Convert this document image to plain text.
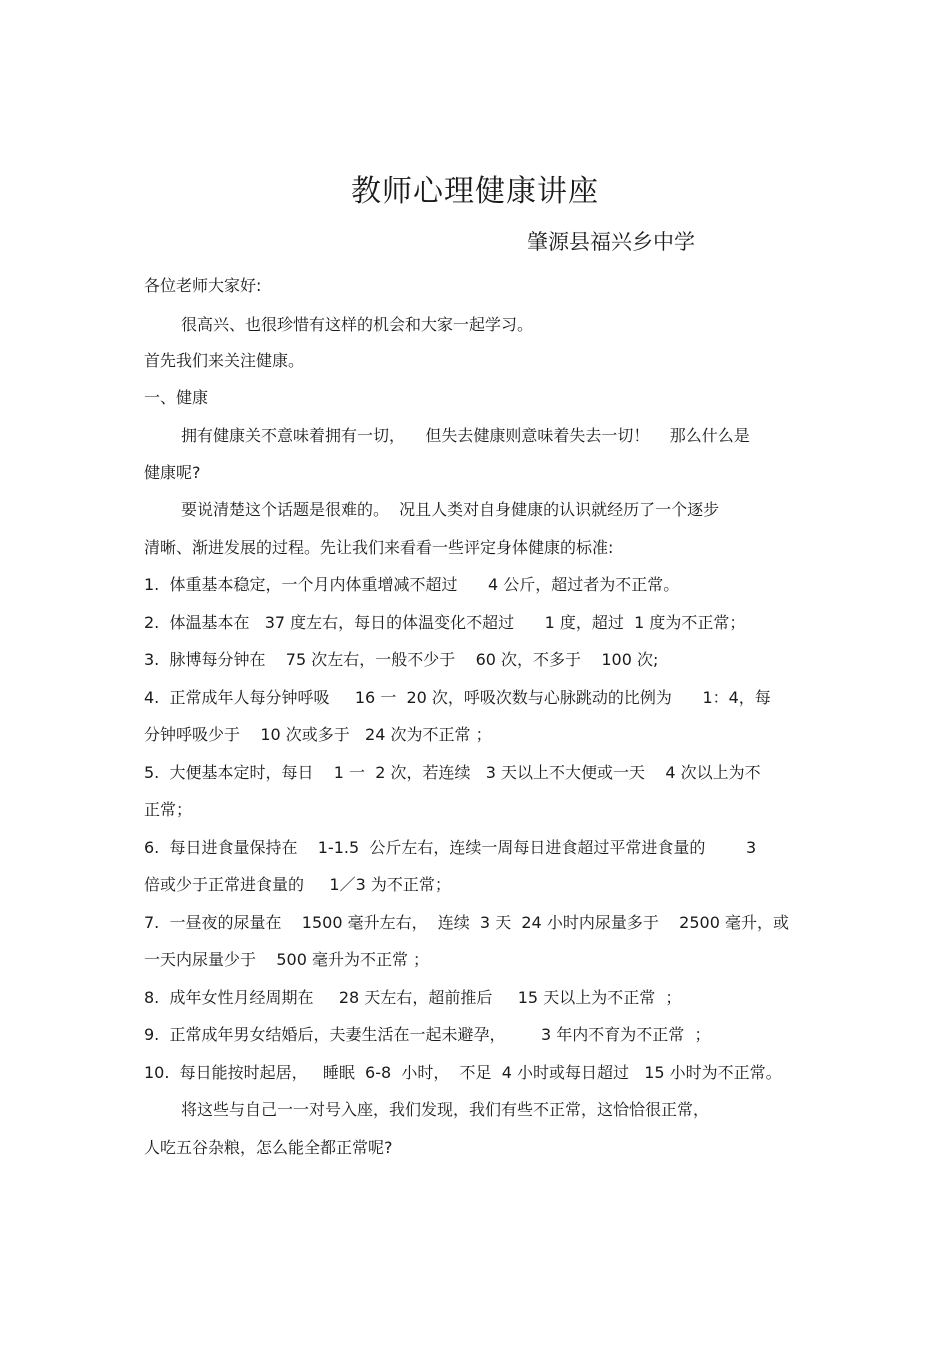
教师心理健康讲座
肇源县福兴乡中学
各位老师大家好:
很高兴、也很珍惜有这样的机会和大家一起学习。
首先我们来关注健康。
一、健康
拥有健康关不意味着拥有一切，    但失去健康则意味着失去一切！    那么什么是
健康呢?
要说清楚这个话题是很难的。  况且人类对自身健康的认识就经历了一个逐步
清晰、渐进发展的过程。先让我们来看看一些评定身体健康的标准:
1.  体重基本稳定，一个月内体重增减不超过      4 公斤，超过者为不正常。
2.  体温基本在   37 度左右，每日的体温变化不超过      1 度，超过  1 度为不正常；
3.  脉博每分钟在    75 次左右，一般不少于    60 次，不多于    100 次;
4.  正常成年人每分钟呼吸     16 一  20 次，呼吸次数与心脉跳动的比例为      1：4，每
分钟呼吸少于    10 次或多于   24 次为不正常 ；
5.  大便基本定时，每日    1 一  2 次，若连续   3 天以上不大便或一天    4 次以上为不
正常；
6.  每日进食量保持在    1-1.5  公斤左右，连续一周每日进食超过平常进食量的        3
倍或少于正常进食量的     1／3 为不正常；
7.  一昼夜的尿量在    1500 毫升左右，  连续  3 天  24 小时内尿量多于    2500 毫升，或
一天内尿量少于    500 毫升为不正常 ；
8.  成年女性月经周期在     28 天左右，超前推后     15 天以上为不正常  ；
9.  正常成年男女结婚后，夫妻生活在一起未避孕，       3 年内不育为不正常  ；
10.  每日能按时起居，   睡眠  6-8  小时，  不足  4 小时或每日超过   15 小时为不正常。
将这些与自己一一对号入座，我们发现，我们有些不正常，这恰恰很正常，
人吃五谷杂粮，怎么能全都正常呢?
